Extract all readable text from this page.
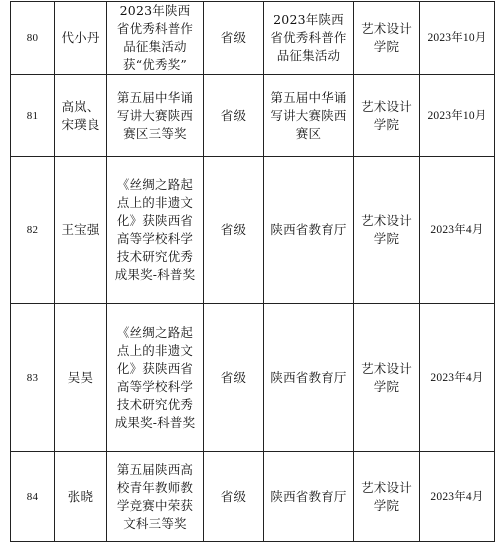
80	代小丹	2023年陕西省优秀科普作品征集活动获“优秀奖”	省级	2023年陕西省优秀科普作品征集活动	艺术设计学院	2023年10月
81	高岚、宋璞良	第五届中华诵写讲大赛陕西赛区三等奖	省级	第五届中华诵写讲大赛陕西赛区	艺术设计学院	2023年10月
82	王宝强	《丝绸之路起点上的非遗文化》获陕西省高等学校科学技术研究优秀成果奖-科普奖	省级	陕西省教育厅	艺术设计学院	2023年4月
83	吴昊	《丝绸之路起点上的非遗文化》获陕西省高等学校科学技术研究优秀成果奖-科普奖	省级	陕西省教育厅	艺术设计学院	2023年4月
84	张晓	第五届陕西高校青年教师教学竞赛中荣获文科三等奖	省级	陕西省教育厅	艺术设计学院	2023年4月
